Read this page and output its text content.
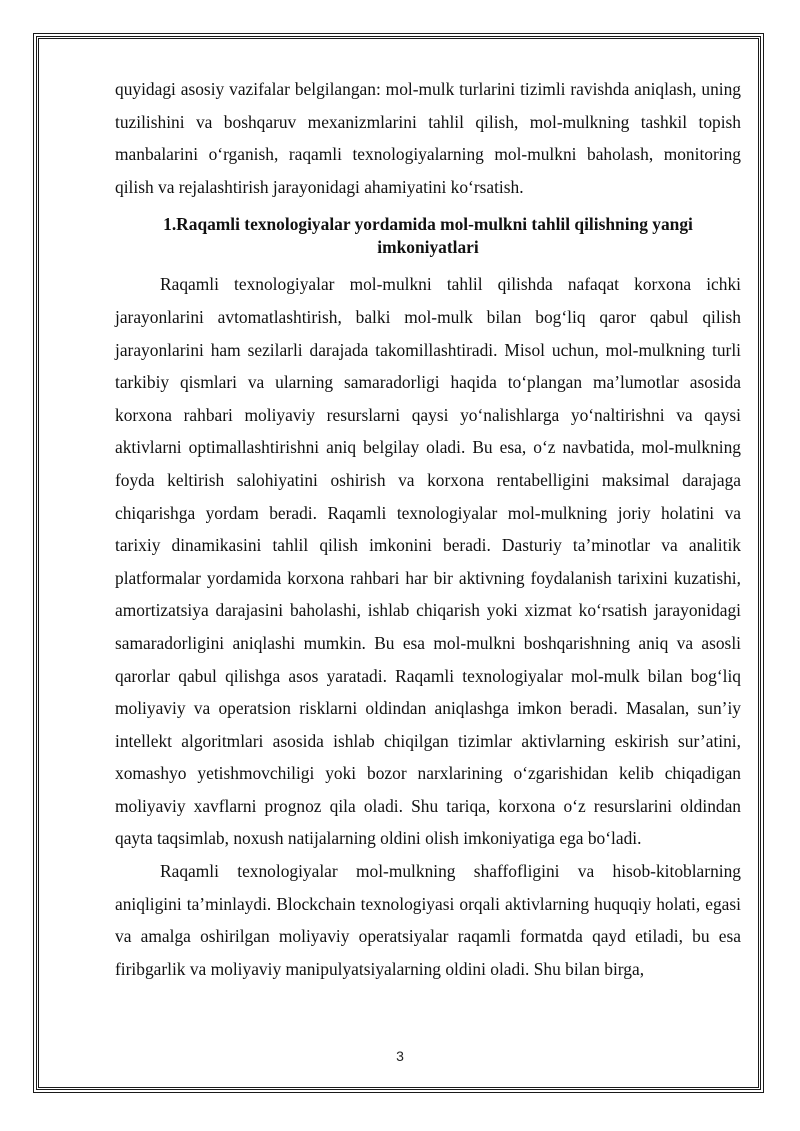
quyidagi asosiy vazifalar belgilangan: mol-mulk turlarini tizimli ravishda aniqlash, uning tuzilishini va boshqaruv mexanizmlarini tahlil qilish, mol-mulkning tashkil topish manbalarini o‘rganish, raqamli texnologiyalarning mol-mulkni baholash, monitoring qilish va rejalashtirish jarayonidagi ahamiyatini ko‘rsatish.

1.Raqamli texnologiyalar yordamida mol-mulkni tahlil qilishning yangi imkoniyatlari

Raqamli texnologiyalar mol-mulkni tahlil qilishda nafaqat korxona ichki jarayonlarini avtomatlashtirish, balki mol-mulk bilan bog‘liq qaror qabul qilish jarayonlarini ham sezilarli darajada takomillashtiradi. Misol uchun, mol-mulkning turli tarkibiy qismlari va ularning samaradorligi haqida to‘plangan ma’lumotlar asosida korxona rahbari moliyaviy resurslarni qaysi yo‘nalishlarga yo‘naltirishni va qaysi aktivlarni optimallashtirishni aniq belgilay oladi. Bu esa, o‘z navbatida, mol-mulkning foyda keltirish salohiyatini oshirish va korxona rentabelligini maksimal darajaga chiqarishga yordam beradi. Raqamli texnologiyalar mol-mulkning joriy holatini va tarixiy dinamikasini tahlil qilish imkonini beradi. Dasturiy ta’minotlar va analitik platformalar yordamida korxona rahbari har bir aktivning foydalanish tarixini kuzatishi, amortizatsiya darajasini baholashi, ishlab chiqarish yoki xizmat ko‘rsatish jarayonidagi samaradorligini aniqlashi mumkin. Bu esa mol-mulkni boshqarishning aniq va asosli qarorlar qabul qilishga asos yaratadi. Raqamli texnologiyalar mol-mulk bilan bog‘liq moliyaviy va operatsion risklarni oldindan aniqlashga imkon beradi. Masalan, sun’iy intellekt algoritmlari asosida ishlab chiqilgan tizimlar aktivlarning eskirish sur’atini, xomashyo yetishmovchiligi yoki bozor narxlarining o‘zgarishidan kelib chiqadigan moliyaviy xavflarni prognoz qila oladi. Shu tariqa, korxona o‘z resurslarini oldindan qayta taqsimlab, noxush natijalarning oldini olish imkoniyatiga ega bo‘ladi.

Raqamli texnologiyalar mol-mulkning shaffofligini va hisob-kitoblarning aniqligini ta’minlaydi. Blockchain texnologiyasi orqali aktivlarning huquqiy holati, egasi va amalga oshirilgan moliyaviy operatsiyalar raqamli formatda qayd etiladi, bu esa firibgarlik va moliyaviy manipulyatsiyalarning oldini oladi. Shu bilan birga,

3
